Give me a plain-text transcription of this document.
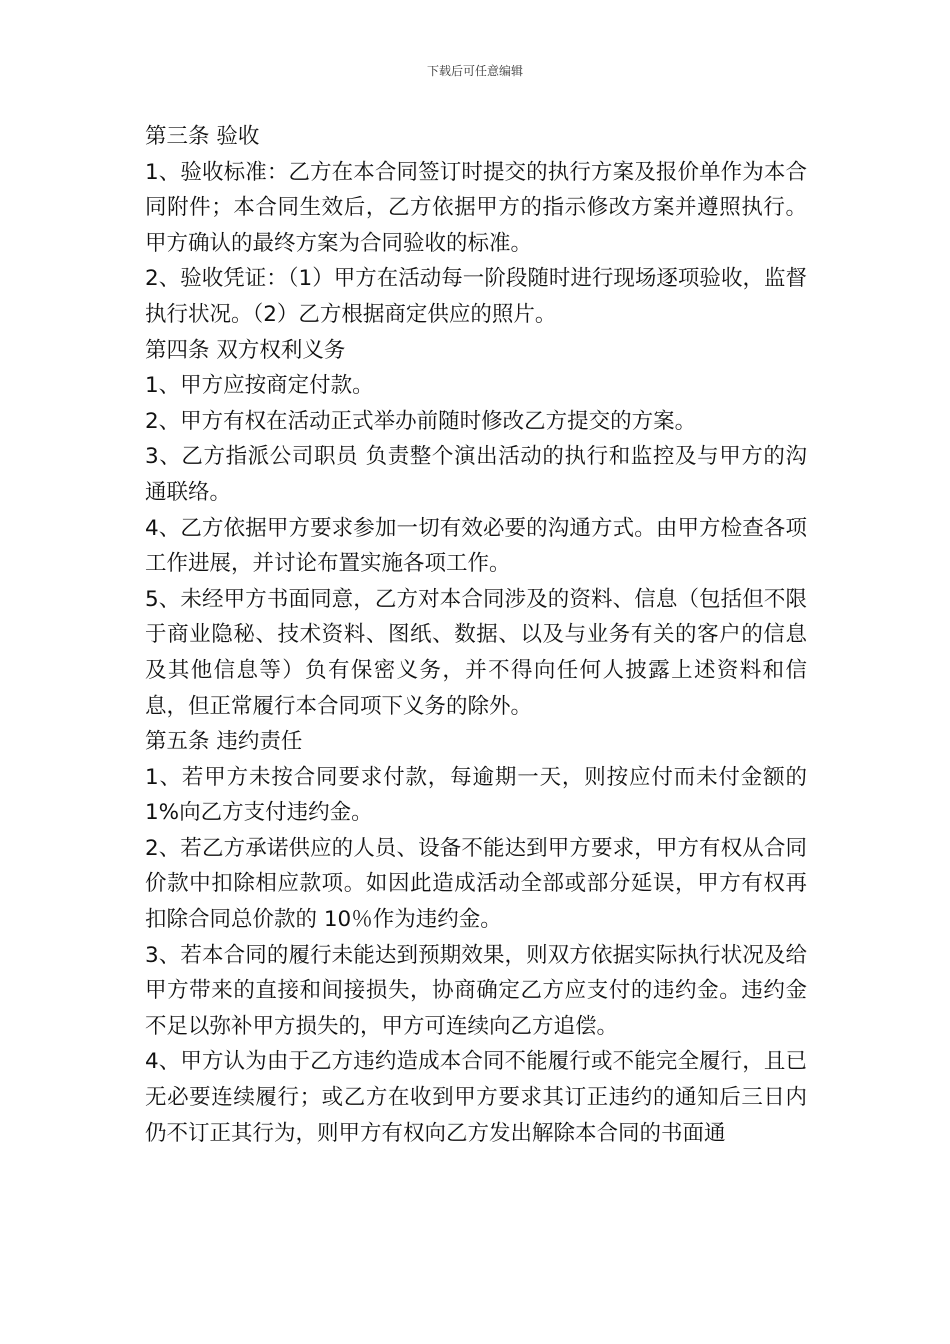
下载后可任意编辑

第三条 验收

1、验收标准：乙方在本合同签订时提交的执行方案及报价单作为本合同附件；本合同生效后，乙方依据甲方的指示修改方案并遵照执行。甲方确认的最终方案为合同验收的标准。

2、验收凭证：（1）甲方在活动每一阶段随时进行现场逐项验收，监督执行状况。（2）乙方根据商定供应的照片。

第四条 双方权利义务

1、甲方应按商定付款。

2、甲方有权在活动正式举办前随时修改乙方提交的方案。

3、乙方指派公司职员 负责整个演出活动的执行和监控及与甲方的沟通联络。

4、乙方依据甲方要求参加一切有效必要的沟通方式。由甲方检查各项工作进展，并讨论布置实施各项工作。

5、未经甲方书面同意，乙方对本合同涉及的资料、信息（包括但不限于商业隐秘、技术资料、图纸、数据、以及与业务有关的客户的信息及其他信息等）负有保密义务，并不得向任何人披露上述资料和信息，但正常履行本合同项下义务的除外。

第五条 违约责任

1、若甲方未按合同要求付款，每逾期一天，则按应付而未付金额的1%向乙方支付违约金。

2、若乙方承诺供应的人员、设备不能达到甲方要求，甲方有权从合同价款中扣除相应款项。如因此造成活动全部或部分延误，甲方有权再扣除合同总价款的 10％作为违约金。

3、若本合同的履行未能达到预期效果，则双方依据实际执行状况及给甲方带来的直接和间接损失，协商确定乙方应支付的违约金。违约金不足以弥补甲方损失的，甲方可连续向乙方追偿。

4、甲方认为由于乙方违约造成本合同不能履行或不能完全履行，且已无必要连续履行；或乙方在收到甲方要求其订正违约的通知后三日内仍不订正其行为，则甲方有权向乙方发出解除本合同的书面通
